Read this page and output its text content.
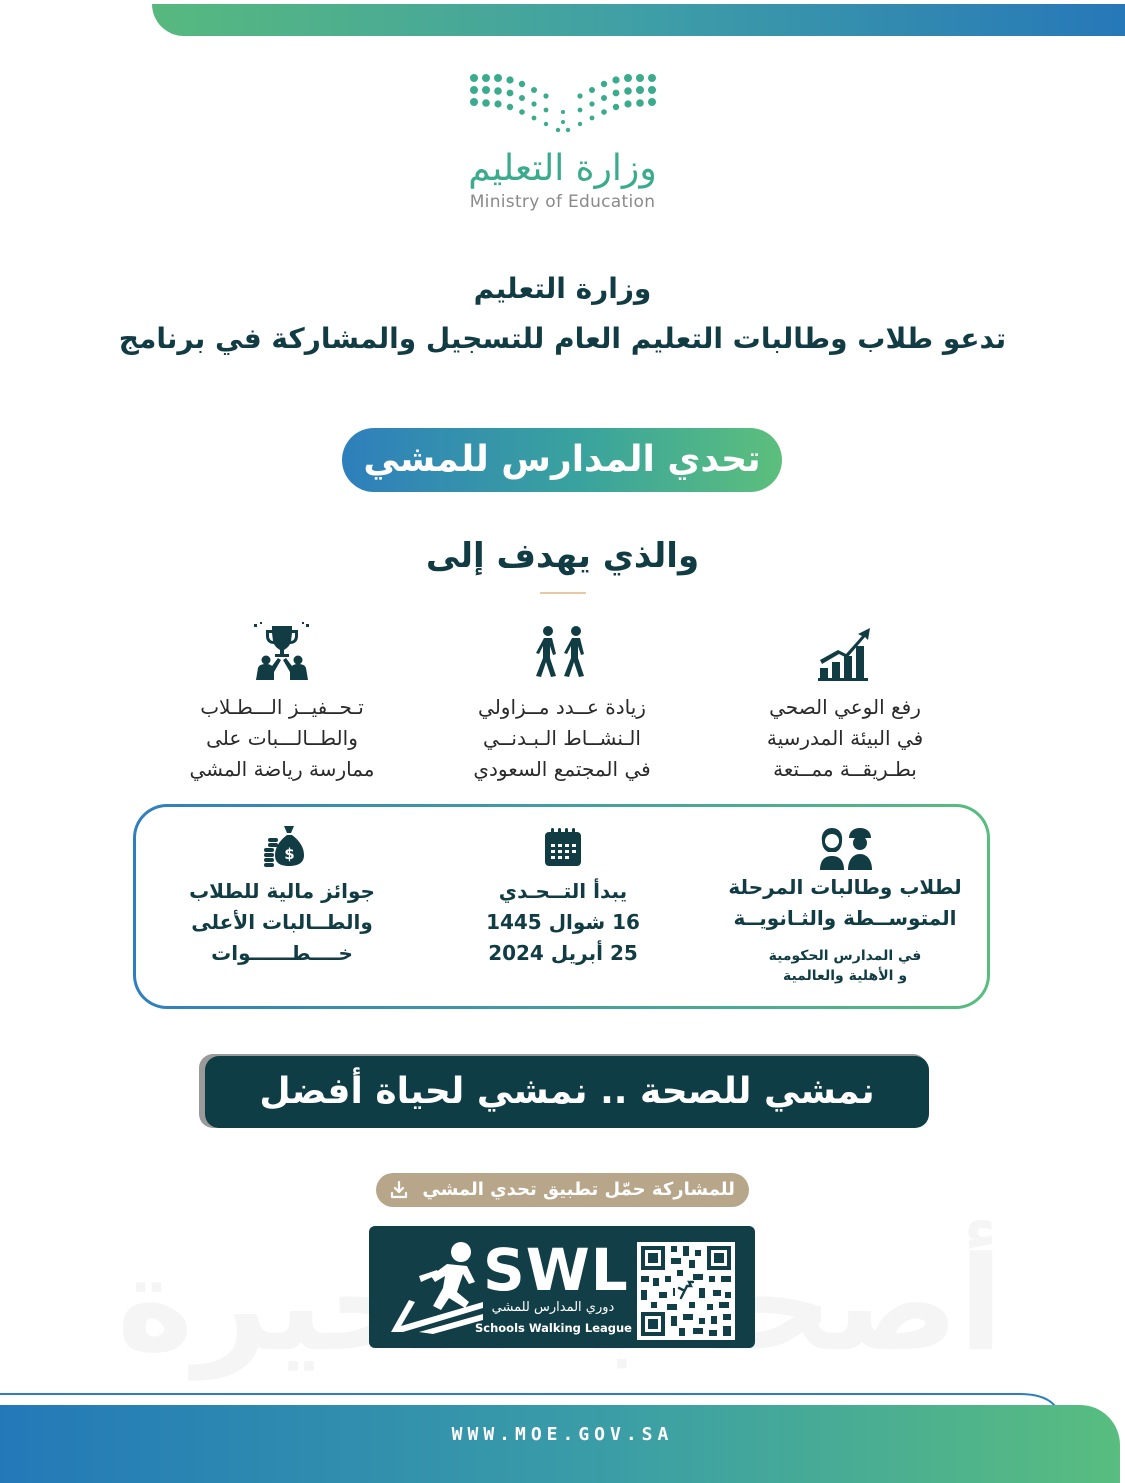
وزارة التعليم
Ministry of Education
وزارة التعليم
تدعو طلاب وطالبات التعليم العام للتسجيل والمشاركة في برنامج
تحدي المدارس للمشي
والذي يهدف إلى
رفع الوعي الصحي
في البيئة المدرسية
بطـريقــة ممــتعة
زيادة عــدد مــزاولي
الـنشــاط الـبـدنــي
في المجتمع السعودي
تـحــفيــز الـــطـلاب
والطــالـــبات على
ممارسة رياضة المشي
لطلاب وطالبات المرحلة
المتوســطة والثـانويــة
في المدارس الحكومية
و الأهلية والعالمية
يبدأ التــحـدي
16 شوال 1445
25 أبريل 2024
$
جوائز مالية للطلاب
والطــالبات الأعلى
خــــطــــــوات
نمشي للصحة .. نمشي لحياة أفضل
للمشاركة حمّل تطبيق تحدي المشي
SWL
دوري المدارس للمشي
Schools Walking League
WWW.MOE.GOV.SA
